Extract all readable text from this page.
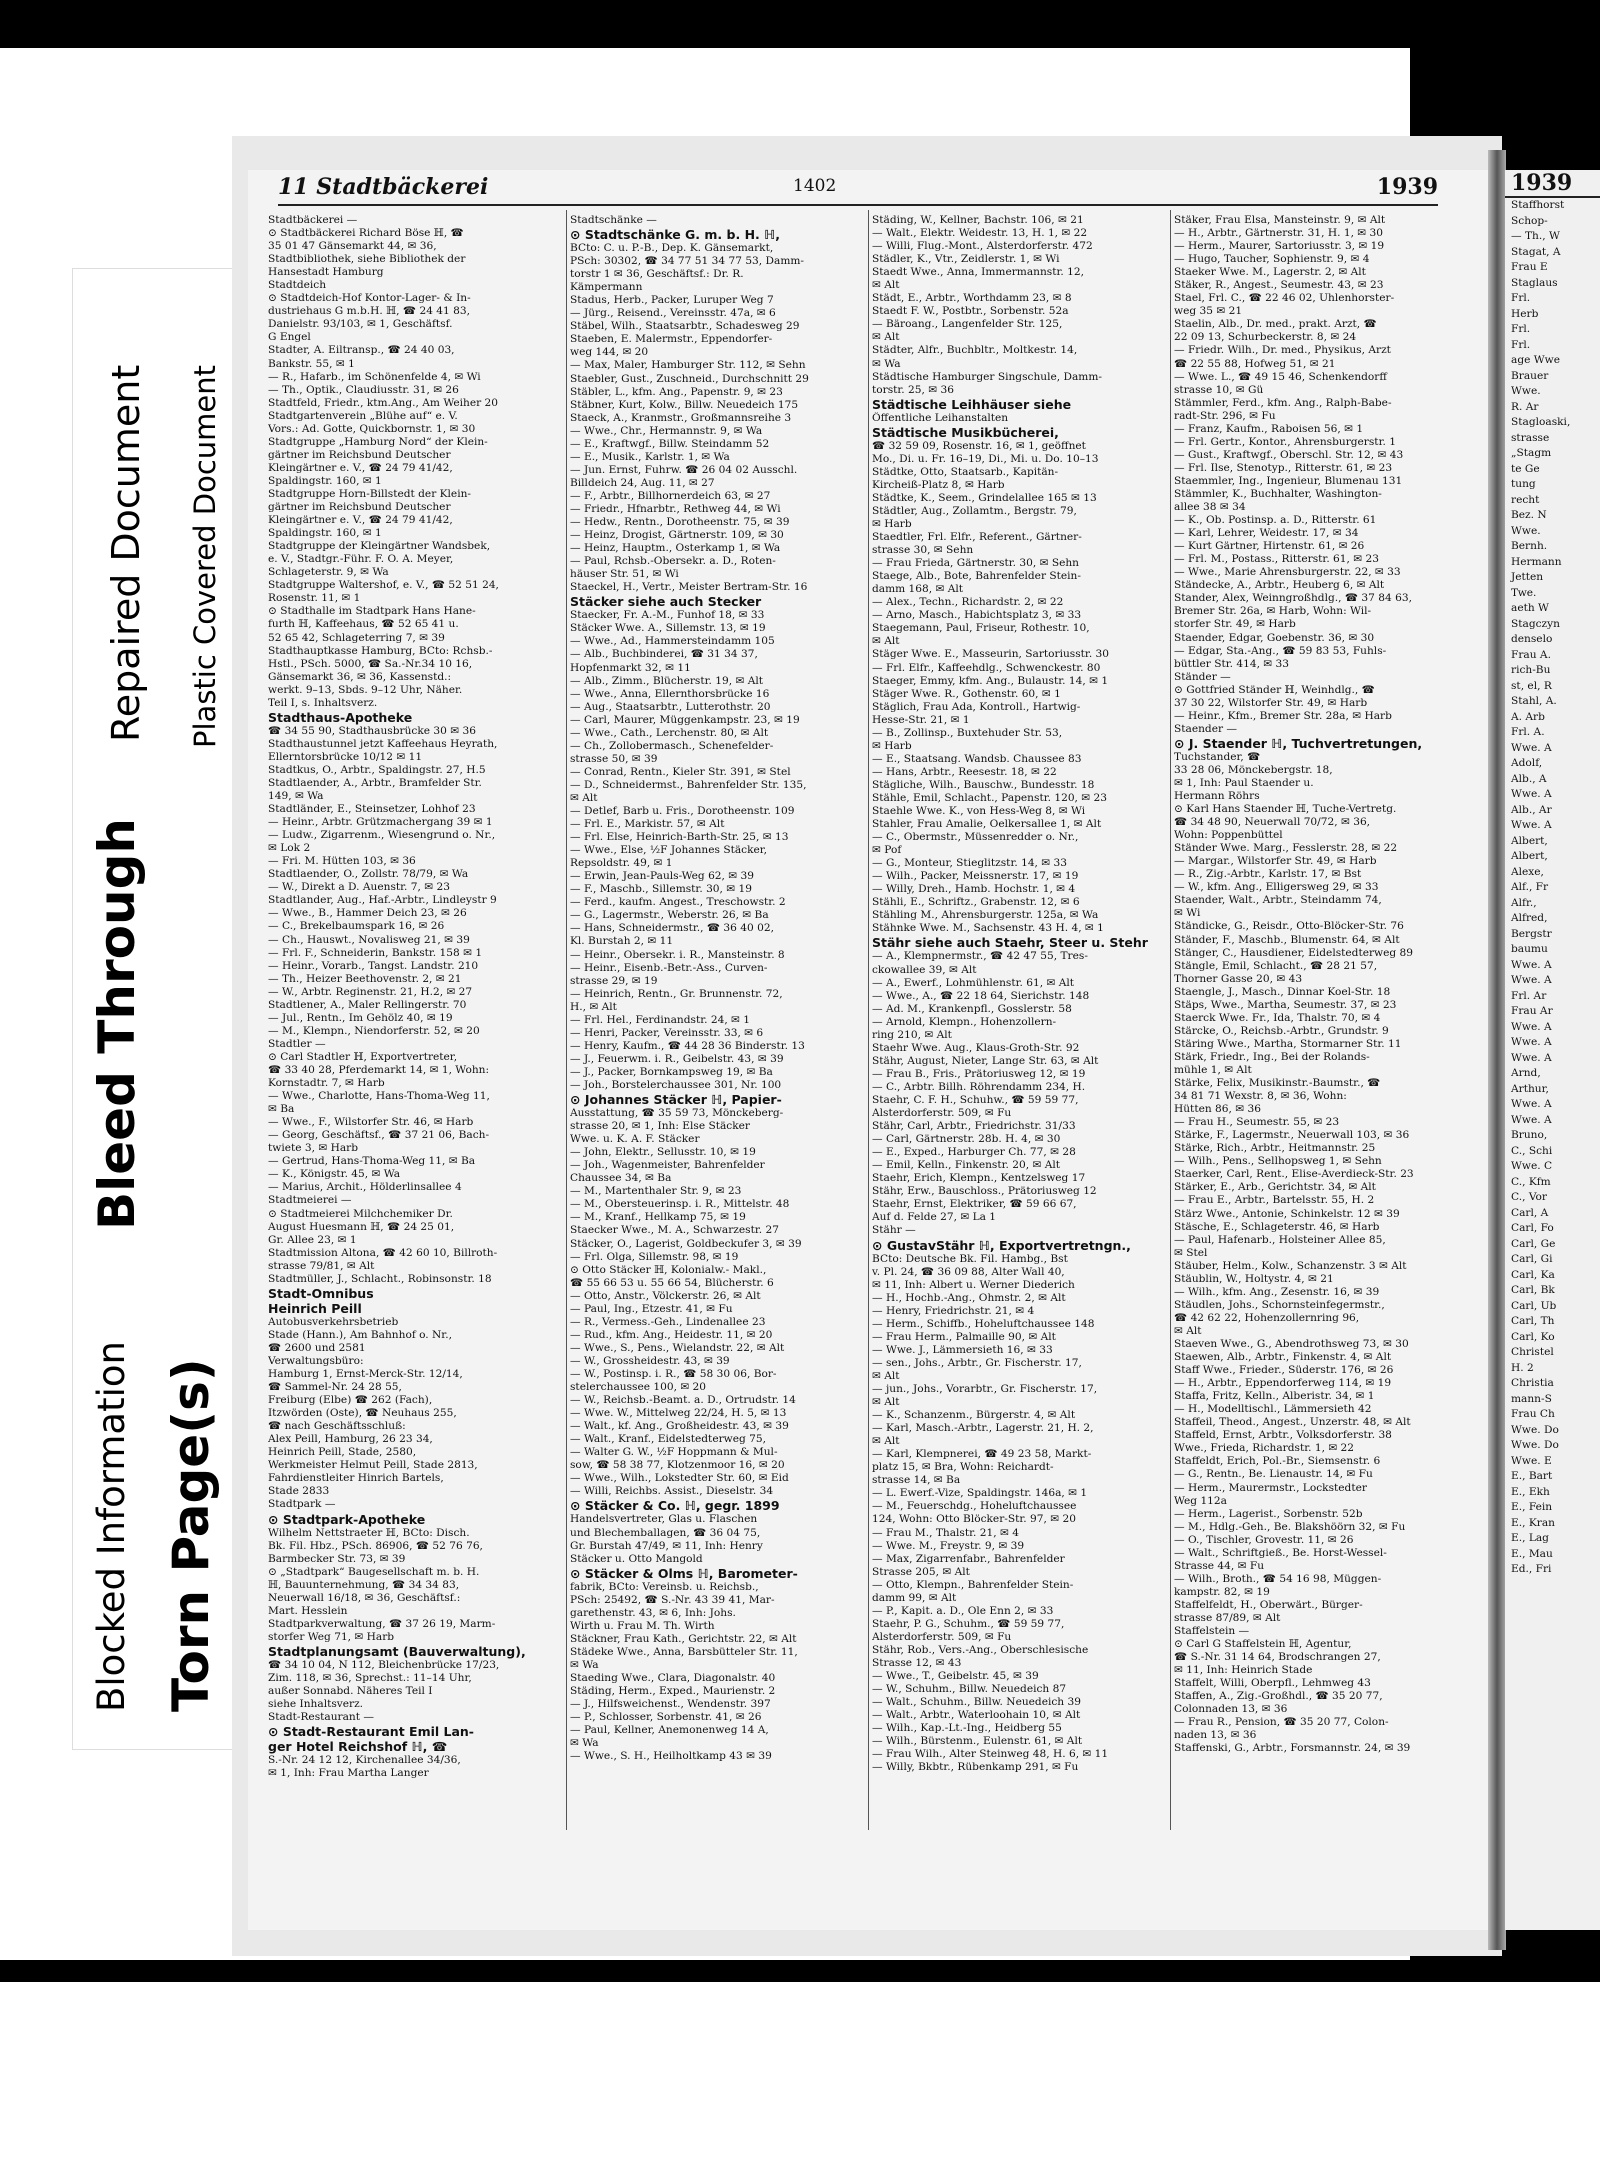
Blocked Information
Bleed Through
Torn Page(s)
Repaired Document Plastic Covered Document
11 Stadtbäckerei	1402	1939
Stadtbäckerei —
⊙ Stadtbäckerei Richard Böse ℍ, ☎
35 01 47 Gänsemarkt 44, ✉ 36,
Stadtbibliothek, siehe Bibliothek der
Hansestadt Hamburg
Stadtdeich
⊙ Stadtdeich-Hof Kontor-Lager- & In-
dustriehaus G m.b.H. ℍ, ☎ 24 41 83,
Danielstr. 93/103, ✉ 1, Geschäftsf.
G Engel
Stadter, A. Eiltransp., ☎ 24 40 03,
Bankstr. 55, ✉ 1
— R., Hafarb., im Schönenfelde 4, ✉ Wi
— Th., Optik., Claudiusstr. 31, ✉ 26
Stadtfeld, Friedr., ktm.Ang., Am Weiher 20
Stadtgartenverein „Blühe auf“ e. V.
Vors.: Ad. Gotte, Quickbornstr. 1, ✉ 30
Stadtgruppe „Hamburg Nord“ der Klein-
gärtner im Reichsbund Deutscher
Kleingärtner e. V., ☎ 24 79 41/42,
Spaldingstr. 160, ✉ 1
Stadtgruppe Horn-Billstedt der Klein-
gärtner im Reichsbund Deutscher
Kleingärtner e. V., ☎ 24 79 41/42,
Spaldingstr. 160, ✉ 1
Stadtgruppe der Kleingärtner Wandsbek,
e. V., Stadtgr.-Führ. F. O. A. Meyer,
Schlageterstr. 9, ✉ Wa
Stadtgruppe Waltershof, e. V., ☎ 52 51 24,
Rosenstr. 11, ✉ 1
⊙ Stadthalle im Stadtpark Hans Hane-
furth ℍ, Kaffeehaus, ☎ 52 65 41 u.
52 65 42, Schlageterring 7, ✉ 39
Stadthauptkasse Hamburg, BCto: Rchsb.-
Hstl., PSch. 5000, ☎ Sa.-Nr.34 10 16,
Gänsemarkt 36, ✉ 36, Kassenstd.:
werkt. 9–13, Sbds. 9–12 Uhr, Näher.
Teil I, s. Inhaltsverz.
Stadthaus-Apotheke
☎ 34 55 90, Stadthausbrücke 30 ✉ 36
Stadthaustunnel jetzt Kaffeehaus Heyrath,
Ellerntorsbrücke 10/12 ✉ 11
Stadtkus, O., Arbtr., Spaldingstr. 27, H.5
Stadtlaender, A., Arbtr., Bramfelder Str.
149, ✉ Wa
Stadtländer, E., Steinsetzer, Lohhof 23
— Heinr., Arbtr. Grützmachergang 39 ✉ 1
— Ludw., Zigarrenm., Wiesengrund o. Nr.,
✉ Lok 2
— Fri. M. Hütten 103, ✉ 36
Stadtlaender, O., Zollstr. 78/79, ✉ Wa
— W., Direkt a D. Auenstr. 7, ✉ 23
Stadtlander, Aug., Haf.-Arbtr., Lindleystr 9
— Wwe., B., Hammer Deich 23, ✉ 26
— C., Brekelbaumspark 16, ✉ 26
— Ch., Hauswt., Novalisweg 21, ✉ 39
— Frl. F., Schneiderin, Bankstr. 158 ✉ 1
— Heinr., Vorarb., Tangst. Landstr. 210
— Th., Heizer Beethovenstr. 2, ✉ 21
— W., Arbtr. Reginenstr. 21, H.2, ✉ 27
Stadtlener, A., Maler Rellingerstr. 70
— Jul., Rentn., Im Gehölz 40, ✉ 19
— M., Klempn., Niendorferstr. 52, ✉ 20
Stadtler —
⊙ Carl Stadtler ℍ, Exportvertreter,
☎ 33 40 28, Pferdemarkt 14, ✉ 1, Wohn:
Kornstadtr. 7, ✉ Harb
— Wwe., Charlotte, Hans-Thoma-Weg 11,
✉ Ba
— Wwe., F., Wilstorfer Str. 46, ✉ Harb
— Georg, Geschäftsf., ☎ 37 21 06, Bach-
twiete 3, ✉ Harb
— Gertrud, Hans-Thoma-Weg 11, ✉ Ba
— K., Königstr. 45, ✉ Wa
— Marius, Archit., Hölderlinsallee 4
Stadtmeierei —
⊙ Stadtmeierei Milchchemiker Dr.
August Huesmann ℍ, ☎ 24 25 01,
Gr. Allee 23, ✉ 1
Stadtmission Altona, ☎ 42 60 10, Billroth-
strasse 79/81, ✉ Alt
Stadtmüller, J., Schlacht., Robinsonstr. 18
Stadt-Omnibus
Heinrich Peill
Autobusverkehrsbetrieb
Stade (Hann.), Am Bahnhof o. Nr.,
☎ 2600 und 2581
Verwaltungsbüro:
Hamburg 1, Ernst-Merck-Str. 12/14,
☎ Sammel-Nr. 24 28 55,
Freiburg (Elbe) ☎ 262 (Fach),
Itzwörden (Oste), ☎ Neuhaus 255,
☎ nach Geschäftsschluß:
Alex Peill, Hamburg, 26 23 34,
Heinrich Peill, Stade, 2580,
Werkmeister Helmut Peill, Stade 2813,
Fahrdienstleiter Hinrich Bartels,
Stade 2833
Stadtpark —
⊙ Stadtpark-Apotheke
Wilhelm Nettstraeter ℍ, BCto: Disch.
Bk. Fil. Hbz., PSch. 86906, ☎ 52 76 76,
Barmbecker Str. 73, ✉ 39
⊙ „Stadtpark“ Baugesellschaft m. b. H.
ℍ, Bauunternehmung, ☎ 34 34 83,
Neuerwall 16/18, ✉ 36, Geschäftsf.:
Mart. Hesslein
Stadtparkverwaltung, ☎ 37 26 19, Marm-
storfer Weg 71, ✉ Harb
Stadtplanungsamt (Bauverwaltung),
☎ 34 10 04, N 112, Bleichenbrücke 17/23,
Zim. 118, ✉ 36, Sprechst.: 11–14 Uhr,
außer Sonnabd. Näheres Teil I
siehe Inhaltsverz.
Stadt-Restaurant —
⊙ Stadt-Restaurant Emil Lan-
ger Hotel Reichshof ℍ, ☎
S.-Nr. 24 12 12, Kirchenallee 34/36,
✉ 1, Inh: Frau Martha Langer
Stadtschänke —
⊙ Stadtschänke G. m. b. H. ℍ,
BCto: C. u. P.-B., Dep. K. Gänsemarkt,
PSch: 30302, ☎ 34 77 51 34 77 53, Damm-
torstr 1 ✉ 36, Geschäftsf.: Dr. R.
Kämpermann
Stadus, Herb., Packer, Luruper Weg 7
— Jürg., Reisend., Vereinsstr. 47a, ✉ 6
Stäbel, Wilh., Staatsarbtr., Schadesweg 29
Staeben, E. Malermstr., Eppendorfer-
weg 144, ✉ 20
— Max, Maler, Hamburger Str. 112, ✉ Sehn
Staebler, Gust., Zuschneid., Durchschnitt 29
Stäbler, L., kfm. Ang., Papenstr. 9, ✉ 23
Stäbner, Kurt, Kolw., Billw. Neuedeich 175
Staeck, A., Kranmstr., Großmannsreihe 3
— Wwe., Chr., Hermannstr. 9, ✉ Wa
— E., Kraftwgf., Billw. Steindamm 52
— E., Musik., Karlstr. 1, ✉ Wa
— Jun. Ernst, Fuhrw. ☎ 26 04 02 Ausschl.
Billdeich 24, Aug. 11, ✉ 27
— F., Arbtr., Billhornerdeich 63, ✉ 27
— Friedr., Hfnarbtr., Rethweg 44, ✉ Wi
— Hedw., Rentn., Dorotheenstr. 75, ✉ 39
— Heinz, Drogist, Gärtnerstr. 109, ✉ 30
— Heinz, Hauptm., Osterkamp 1, ✉ Wa
— Paul, Rchsb.-Obersekr. a. D., Roten-
häuser Str. 51, ✉ Wi
Staeckel, H., Vertr., Meister Bertram-Str. 16
Stäcker siehe auch Stecker
Staecker, Fr. A.-M., Funhof 18, ✉ 33
Stäcker Wwe. A., Sillemstr. 13, ✉ 19
— Wwe., Ad., Hammersteindamm 105
— Alb., Buchbinderei, ☎ 31 34 37,
Hopfenmarkt 32, ✉ 11
— Alb., Zimm., Blücherstr. 19, ✉ Alt
— Wwe., Anna, Ellernthorsbrücke 16
— Aug., Staatsarbtr., Lutterothstr. 20
— Carl, Maurer, Müggenkampstr. 23, ✉ 19
— Wwe., Cath., Lerchenstr. 80, ✉ Alt
— Ch., Zollobermasch., Schenefelder-
strasse 50, ✉ 39
— Conrad, Rentn., Kieler Str. 391, ✉ Stel
— D., Schneidermst., Bahrenfelder Str. 135,
✉ Alt
— Detlef, Barb u. Fris., Dorotheenstr. 109
— Frl. E., Markistr. 57, ✉ Alt
— Frl. Else, Heinrich-Barth-Str. 25, ✉ 13
— Wwe., Else, ½F Johannes Stäcker,
Repsoldstr. 49, ✉ 1
— Erwin, Jean-Pauls-Weg 62, ✉ 39
— F., Maschb., Sillemstr. 30, ✉ 19
— Ferd., kaufm. Angest., Treschowstr. 2
— G., Lagermstr., Weberstr. 26, ✉ Ba
— Hans, Schneidermstr., ☎ 36 40 02,
Kl. Burstah 2, ✉ 11
— Heinr., Obersekr. i. R., Mansteinstr. 8
— Heinr., Eisenb.-Betr.-Ass., Curven-
strasse 29, ✉ 19
— Heinrich, Rentn., Gr. Brunnenstr. 72,
H., ✉ Alt
— Frl. Hel., Ferdinandstr. 24, ✉ 1
— Henri, Packer, Vereinsstr. 33, ✉ 6
— Henry, Kaufm., ☎ 44 28 36 Binderstr. 13
— J., Feuerwm. i. R., Geibelstr. 43, ✉ 39
— J., Packer, Bornkampsweg 19, ✉ Ba
— Joh., Borstelerchaussee 301, Nr. 100
⊙ Johannes Stäcker ℍ, Papier-
Ausstattung, ☎ 35 59 73, Mönckeberg-
strasse 20, ✉ 1, Inh: Else Stäcker
Wwe. u. K. A. F. Stäcker
— John, Elektr., Sellusstr. 10, ✉ 19
— Joh., Wagenmeister, Bahrenfelder
Chaussee 34, ✉ Ba
— M., Martenthaler Str. 9, ✉ 23
— M., Obersteuerinsp. i. R., Mittelstr. 48
— M., Kranf., Hellkamp 75, ✉ 19
Staecker Wwe., M. A., Schwarzestr. 27
Stäcker, O., Lagerist, Goldbeckufer 3, ✉ 39
— Frl. Olga, Sillemstr. 98, ✉ 19
⊙ Otto Stäcker ℍ, Kolonialw.- Makl.,
☎ 55 66 53 u. 55 66 54, Blücherstr. 6
— Otto, Anstr., Völckerstr. 26, ✉ Alt
— Paul, Ing., Etzestr. 41, ✉ Fu
— R., Vermess.-Geh., Lindenallee 23
— Rud., kfm. Ang., Heidestr. 11, ✉ 20
— Wwe., S., Pens., Wielandstr. 22, ✉ Alt
— W., Grossheidestr. 43, ✉ 39
— W., Postinsp. i. R., ☎ 58 30 06, Bor-
stelerchaussee 100, ✉ 20
— W., Reichsb.-Beamt. a. D., Ortrudstr. 14
— Wwe. W., Mittelweg 22/24, H. 5, ✉ 13
— Walt., kf. Ang., Großheidestr. 43, ✉ 39
— Walt., Kranf., Eidelstedterweg 75,
— Walter G. W., ½F Hoppmann & Mul-
sow, ☎ 58 38 77, Klotzenmoor 16, ✉ 20
— Wwe., Wilh., Lokstedter Str. 60, ✉ Eid
— Willi, Reichbs. Assist., Dieselstr. 34
⊙ Stäcker & Co. ℍ, gegr. 1899
Handelsvertreter, Glas u. Flaschen
und Blechemballagen, ☎ 36 04 75,
Gr. Burstah 47/49, ✉ 11, Inh: Henry
Stäcker u. Otto Mangold
⊙ Stäcker & Olms ℍ, Barometer-
fabrik, BCto: Vereinsb. u. Reichsb.,
PSch: 25492, ☎ S.-Nr. 43 39 41, Mar-
garethenstr. 43, ✉ 6, Inh: Johs.
Wirth u. Frau M. Th. Wirth
Stäckner, Frau Kath., Gerichtstr. 22, ✉ Alt
Städeke Wwe., Anna, Barsbütteler Str. 11,
✉ Wa
Staeding Wwe., Clara, Diagonalstr. 40
Städing, Herm., Exped., Maurienstr. 2
— J., Hilfsweichenst., Wendenstr. 397
— P., Schlosser, Sorbenstr. 41, ✉ 26
— Paul, Kellner, Anemonenweg 14 A,
✉ Wa
— Wwe., S. H., Heilholtkamp 43 ✉ 39
Städing, W., Kellner, Bachstr. 106, ✉ 21
— Walt., Elektr. Weidestr. 13, H. 1, ✉ 22
— Willi, Flug.-Mont., Alsterdorferstr. 472
Städler, K., Vtr., Zeidlerstr. 1, ✉ Wi
Staedt Wwe., Anna, Immermannstr. 12,
✉ Alt
Städt, E., Arbtr., Worthdamm 23, ✉ 8
Staedt F. W., Postbtr., Sorbenstr. 52a
— Bäroang., Langenfelder Str. 125,
✉ Alt
Städter, Alfr., Buchbltr., Moltkestr. 14,
✉ Wa
Städtische Hamburger Singschule, Damm-
torstr. 25, ✉ 36
Städtische Leihhäuser siehe
Öffentliche Leihanstalten
Städtische Musikbücherei,
☎ 32 59 09, Rosenstr. 16, ✉ 1, geöffnet
Mo., Di. u. Fr. 16–19, Di., Mi. u. Do. 10–13
Städtke, Otto, Staatsarb., Kapitän-
Kircheiß-Platz 8, ✉ Harb
Städtke, K., Seem., Grindelallee 165 ✉ 13
Städtler, Aug., Zollamtm., Bergstr. 79,
✉ Harb
Staedtler, Frl. Elfr., Referent., Gärtner-
strasse 30, ✉ Sehn
— Frau Frieda, Gärtnerstr. 30, ✉ Sehn
Staege, Alb., Bote, Bahrenfelder Stein-
damm 168, ✉ Alt
— Alex., Techn., Richardstr. 2, ✉ 22
— Arno, Masch., Habichtsplatz 3, ✉ 33
Staegemann, Paul, Friseur, Rothestr. 10,
✉ Alt
Stäger Wwe. E., Masseurin, Sartoriusstr. 30
— Frl. Elfr., Kaffeehdlg., Schwenckestr. 80
Staeger, Emmy, kfm. Ang., Bulaustr. 14, ✉ 1
Stäger Wwe. R., Gothenstr. 60, ✉ 1
Stäglich, Frau Ada, Kontroll., Hartwig-
Hesse-Str. 21, ✉ 1
— B., Zollinsp., Buxtehuder Str. 53,
✉ Harb
— E., Staatsang. Wandsb. Chaussee 83
— Hans, Arbtr., Reesestr. 18, ✉ 22
Stägliche, Wilh., Bauschw., Bundesstr. 18
Stähle, Emil, Schlacht., Papenstr. 120, ✉ 23
Staehle Wwe. K., von Hess-Weg 8, ✉ Wi
Stahler, Frau Amalie, Oelkersallee 1, ✉ Alt
— C., Obermstr., Müssenredder o. Nr.,
✉ Pof
— G., Monteur, Stieglitzstr. 14, ✉ 33
— Wilh., Packer, Meissnerstr. 17, ✉ 19
— Willy, Dreh., Hamb. Hochstr. 1, ✉ 4
Stähli, E., Schriftz., Grabenstr. 12, ✉ 6
Stähling M., Ahrensburgerstr. 125a, ✉ Wa
Stähnke Wwe. M., Sachsenstr. 43 H. 4, ✉ 1
Stähr siehe auch Staehr, Steer u. Stehr
— A., Klempnermstr., ☎ 42 47 55, Tres-
ckowallee 39, ✉ Alt
— A., Ewerf., Lohmühlenstr. 61, ✉ Alt
— Wwe., A., ☎ 22 18 64, Sierichstr. 148
— Ad. M., Krankenpfl., Gosslerstr. 58
— Arnold, Klempn., Hohenzollern-
ring 210, ✉ Alt
Staehr Wwe. Aug., Klaus-Groth-Str. 92
Stähr, August, Nieter, Lange Str. 63, ✉ Alt
— Frau B., Fris., Prätoriusweg 12, ✉ 19
— C., Arbtr. Billh. Röhrendamm 234, H.
Staehr, C. F. H., Schuhw., ☎ 59 59 77,
Alsterdorferstr. 509, ✉ Fu
Stähr, Carl, Arbtr., Friedrichstr. 31/33
— Carl, Gärtnerstr. 28b. H. 4, ✉ 30
— E., Exped., Harburger Ch. 77, ✉ 28
— Emil, Kelln., Finkenstr. 20, ✉ Alt
Staehr, Erich, Klempn., Kentzelsweg 17
Stähr, Erw., Bauschloss., Prätoriusweg 12
Staehr, Ernst, Elektriker, ☎ 59 66 67,
Auf d. Felde 27, ✉ La 1
Stähr —
⊙ GustavStähr ℍ, Exportvertretngn.,
BCto: Deutsche Bk. Fil. Hambg., Bst
v. Pl. 24, ☎ 36 09 88, Alter Wall 40,
✉ 11, Inh: Albert u. Werner Diederich
— H., Hochb.-Ang., Ohmstr. 2, ✉ Alt
— Henry, Friedrichstr. 21, ✉ 4
— Herm., Schiffb., Hoheluftchaussee 148
— Frau Herm., Palmaille 90, ✉ Alt
— Wwe. J., Lämmersieth 16, ✉ 33
— sen., Johs., Arbtr., Gr. Fischerstr. 17,
✉ Alt
— jun., Johs., Vorarbtr., Gr. Fischerstr. 17,
✉ Alt
— K., Schanzenm., Bürgerstr. 4, ✉ Alt
— Karl, Masch.-Arbtr., Lagerstr. 21, H. 2,
✉ Alt
— Karl, Klempnerei, ☎ 49 23 58, Markt-
platz 15, ✉ Bra, Wohn: Reichardt-
strasse 14, ✉ Ba
— L. Ewerf.-Vize, Spaldingstr. 146a, ✉ 1
— M., Feuerschdg., Hoheluftchaussee
124, Wohn: Otto Blöcker-Str. 97, ✉ 20
— Frau M., Thalstr. 21, ✉ 4
— Wwe. M., Freystr. 9, ✉ 39
— Max, Zigarrenfabr., Bahrenfelder
Strasse 205, ✉ Alt
— Otto, Klempn., Bahrenfelder Stein-
damm 99, ✉ Alt
— P., Kapit. a. D., Ole Enn 2, ✉ 33
Staehr, P. G., Schuhm., ☎ 59 59 77,
Alsterdorferstr. 509, ✉ Fu
Stähr, Rob., Vers.-Ang., Oberschlesische
Strasse 12, ✉ 43
— Wwe., T., Geibelstr. 45, ✉ 39
— W., Schuhm., Billw. Neuedeich 87
— Walt., Schuhm., Billw. Neuedeich 39
— Walt., Arbtr., Waterloohain 10, ✉ Alt
— Wilh., Kap.-Lt.-Ing., Heidberg 55
— Wilh., Bürstenm., Eulenstr. 61, ✉ Alt
— Frau Wilh., Alter Steinweg 48, H. 6, ✉ 11
— Willy, Bkbtr., Rübenkamp 291, ✉ Fu
Stäker, Frau Elsa, Mansteinstr. 9, ✉ Alt
— H., Arbtr., Gärtnerstr. 31, H. 1, ✉ 30
— Herm., Maurer, Sartoriusstr. 3, ✉ 19
— Hugo, Taucher, Sophienstr. 9, ✉ 4
Staeker Wwe. M., Lagerstr. 2, ✉ Alt
Stäker, R., Angest., Seumestr. 43, ✉ 23
Stael, Frl. C., ☎ 22 46 02, Uhlenhorster-
weg 35 ✉ 21
Staelin, Alb., Dr. med., prakt. Arzt, ☎
22 09 13, Schurbeckerstr. 8, ✉ 24
— Friedr. Wilh., Dr. med., Physikus, Arzt
☎ 22 55 88, Hofweg 51, ✉ 21
— Wwe. L., ☎ 49 15 46, Schenkendorff
strasse 10, ✉ Gü
Stämmler, Ferd., kfm. Ang., Ralph-Babe-
radt-Str. 296, ✉ Fu
— Franz, Kaufm., Raboisen 56, ✉ 1
— Frl. Gertr., Kontor., Ahrensburgerstr. 1
— Gust., Kraftwgf., Oberschl. Str. 12, ✉ 43
— Frl. Ilse, Stenotyp., Ritterstr. 61, ✉ 23
Staemmler, Ing., Ingenieur, Blumenau 131
Stämmler, K., Buchhalter, Washington-
allee 38 ✉ 34
— K., Ob. Postinsp. a. D., Ritterstr. 61
— Karl, Lehrer, Weidestr. 17, ✉ 34
— Kurt Gärtner, Hirtenstr. 61, ✉ 26
— Frl. M., Postass., Ritterstr. 61, ✉ 23
— Wwe., Marie Ahrensburgerstr. 22, ✉ 33
Ständecke, A., Arbtr., Heuberg 6, ✉ Alt
Stander, Alex, Weinngroßhdlg., ☎ 37 84 63,
Bremer Str. 26a, ✉ Harb, Wohn: Wil-
storfer Str. 49, ✉ Harb
Staender, Edgar, Goebenstr. 36, ✉ 30
— Edgar, Sta.-Ang., ☎ 59 83 53, Fuhls-
büttler Str. 414, ✉ 33
Ständer —
⊙ Gottfried Ständer ℍ, Weinhdlg., ☎
37 30 22, Wilstorfer Str. 49, ✉ Harb
— Heinr., Kfm., Bremer Str. 28a, ✉ Harb
Staender —
⊙ J. Staender ℍ, Tuchvertretungen,
Tuchstander, ☎
33 28 06, Mönckebergstr. 18,
✉ 1, Inh: Paul Staender u.
Hermann Röhrs
⊙ Karl Hans Staender ℍ, Tuche-Vertretg.
☎ 34 48 90, Neuerwall 70/72, ✉ 36,
Wohn: Poppenbüttel
Ständer Wwe. Marg., Fesslerstr. 28, ✉ 22
— Margar., Wilstorfer Str. 49, ✉ Harb
— R., Zig.-Arbtr., Karlstr. 17, ✉ Bst
— W., kfm. Ang., Elligersweg 29, ✉ 33
Staender, Walt., Arbtr., Steindamm 74,
✉ Wi
Ständicke, G., Reisdr., Otto-Blöcker-Str. 76
Ständer, F., Maschb., Blumenstr. 64, ✉ Alt
Stänger, C., Hausdiener, Eidelstedterweg 89
Stängle, Emil, Schlacht., ☎ 28 21 57,
Thorner Gasse 20, ✉ 43
Staengle, J., Masch., Dinnar Koel-Str. 18
Stäps, Wwe., Martha, Seumestr. 37, ✉ 23
Staerck Wwe. Fr., Ida, Thalstr. 70, ✉ 4
Stärcke, O., Reichsb.-Arbtr., Grundstr. 9
Stäring Wwe., Martha, Stormarner Str. 11
Stärk, Friedr., Ing., Bei der Rolands-
mühle 1, ✉ Alt
Stärke, Felix, Musikinstr.-Baumstr., ☎
34 81 71 Wexstr. 8, ✉ 36, Wohn:
Hütten 86, ✉ 36
— Frau H., Seumestr. 55, ✉ 23
Stärke, F., Lagermstr., Neuerwall 103, ✉ 36
Stärke, Rich., Arbtr., Heitmannstr. 25
— Wilh., Pens., Sellhopsweg 1, ✉ Sehn
Staerker, Carl, Rent., Elise-Averdieck-Str. 23
Stärker, E., Arb., Gerichtstr. 34, ✉ Alt
— Frau E., Arbtr., Bartelsstr. 55, H. 2
Stärz Wwe., Antonie, Schinkelstr. 12 ✉ 39
Stäsche, E., Schlageterstr. 46, ✉ Harb
— Paul, Hafenarb., Holsteiner Allee 85,
✉ Stel
Stäuber, Helm., Kolw., Schanzenstr. 3 ✉ Alt
Stäublin, W., Holtystr. 4, ✉ 21
— Wilh., kfm. Ang., Zesenstr. 16, ✉ 39
Stäudlen, Johs., Schornsteinfegermstr.,
☎ 42 62 22, Hohenzollernring 96,
✉ Alt
Staeven Wwe., G., Abendrothsweg 73, ✉ 30
Staewen, Alb., Arbtr., Finkenstr. 4, ✉ Alt
Staff Wwe., Frieder., Süderstr. 176, ✉ 26
— H., Arbtr., Eppendorferweg 114, ✉ 19
Staffa, Fritz, Kelln., Alberistr. 34, ✉ 1
— H., Modelltischl., Lämmersieth 42
Staffeil, Theod., Angest., Unzerstr. 48, ✉ Alt
Staffeld, Ernst, Arbtr., Volksdorferstr. 38
Wwe., Frieda, Richardstr. 1, ✉ 22
Staffeldt, Erich, Pol.-Br., Siemsenstr. 6
— G., Rentn., Be. Lienaustr. 14, ✉ Fu
— Herm., Maurermstr., Lockstedter
Weg 112a
— Herm., Lagerist., Sorbenstr. 52b
— M., Hdlg.-Geh., Be. Blakshöörn 32, ✉ Fu
— O., Tischler, Grovestr. 11, ✉ 26
— Walt., Schriftgieß., Be. Horst-Wessel-
Strasse 44, ✉ Fu
— Wilh., Broth., ☎ 54 16 98, Müggen-
kampstr. 82, ✉ 19
Staffelfeldt, H., Oberwärt., Bürger-
strasse 87/89, ✉ Alt
Staffelstein —
⊙ Carl G Staffelstein ℍ, Agentur,
☎ S.-Nr. 31 14 64, Brodschrangen 27,
✉ 11, Inh: Heinrich Stade
Staffelt, Willi, Oberpfl., Lehmweg 43
Staffen, A., Zig.-Großhdl., ☎ 35 20 77,
Colonnaden 13, ✉ 36
— Frau R., Pension, ☎ 35 20 77, Colon-
naden 13, ✉ 36
Staffenski, G., Arbtr., Forsmannstr. 24, ✉ 39
1939
Staffhorst
Schop-
— Th., W
Stagat, A
Frau E
Staglaus
Frl.
Herb
Frl.
Frl.
age Wwe
Brauer
Wwe.
R. Ar
Stagloaski,
strasse
„Stagm
te Ge
tung
recht
Bez. N
Wwe.
Bernh.
Hermann
Jetten
Twe.
aeth W
Stagczyn
denselo
Frau A.
rich-Bu
st, el, R
Stahl, A.
A. Arb
Frl. A.
Wwe. A
Adolf,
Alb., A
Wwe. A
Alb., Ar
Wwe. A
Albert,
Albert,
Alexe,
Alf., Fr
Alfr.,
Alfred,
Bergstr
baumu
Wwe. A
Wwe. A
Frl. Ar
Frau Ar
Wwe. A
Wwe. A
Wwe. A
Arnd,
Arthur,
Wwe. A
Wwe. A
Bruno,
C., Schi
Wwe. C
C., Kfm
C., Vor
Carl, A
Carl, Fo
Carl, Ge
Carl, Gi
Carl, Ka
Carl, Bk
Carl, Ub
Carl, Th
Carl, Ko
Christel
H. 2
Christia
mann-S
Frau Ch
Wwe. Do
Wwe. Do
Wwe. E
E., Bart
E., Ekh
E., Fein
E., Kran
E., Lag
E., Mau
Ed., Fri
